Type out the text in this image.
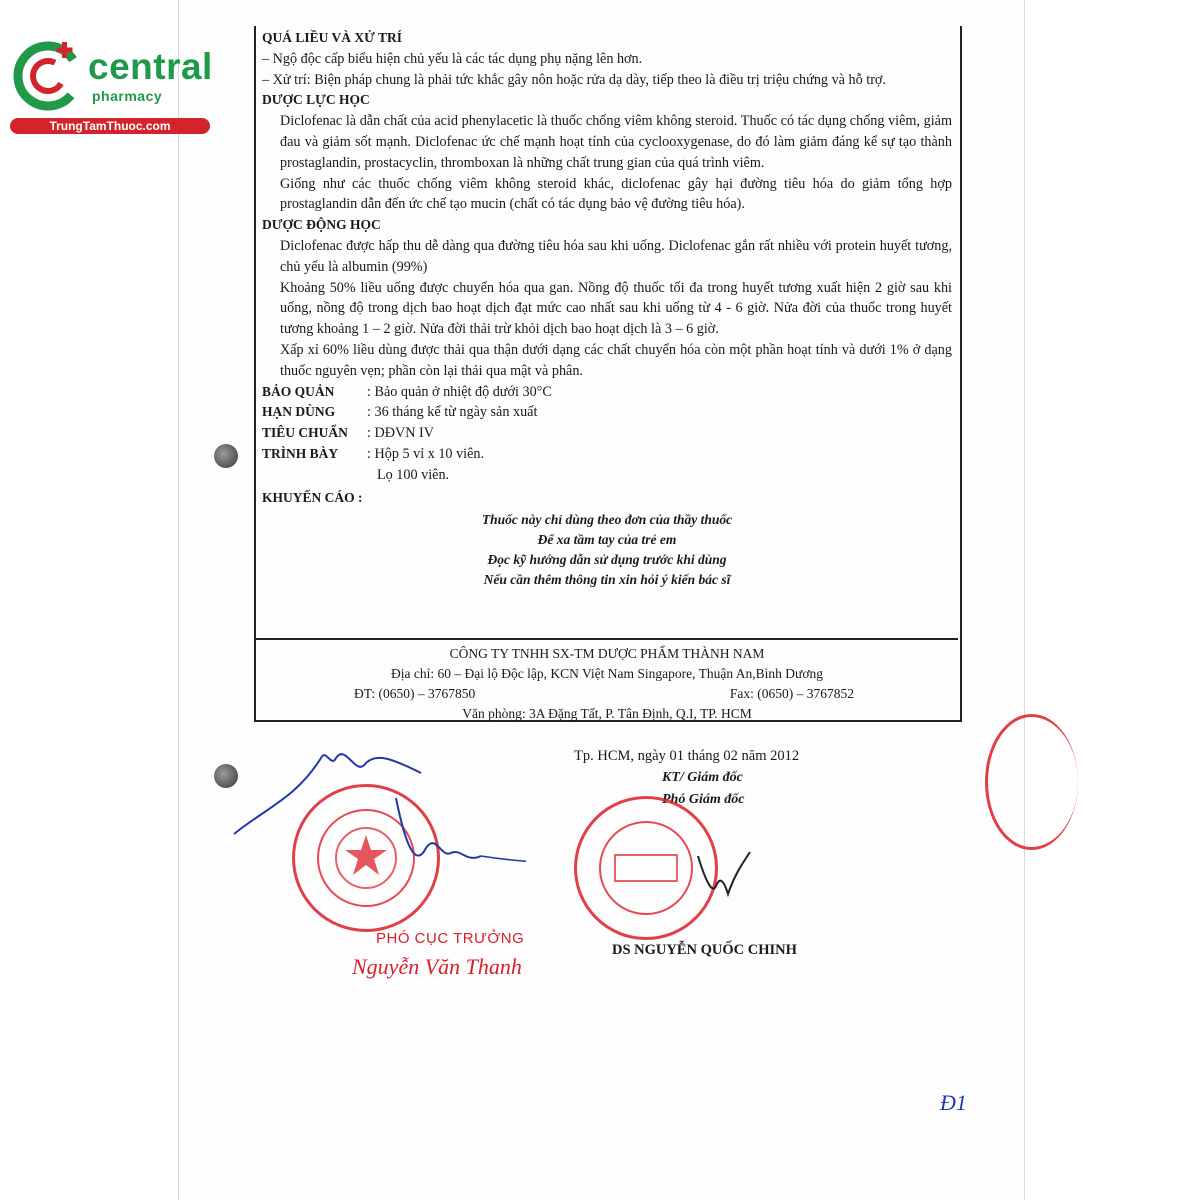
central
pharmacy
TrungTamThuoc.com
QUÁ LIỀU VÀ XỬ TRÍ

– Ngộ độc cấp biểu hiện chủ yếu là các tác dụng phụ nặng lên hơn.

– Xử trí: Biện pháp chung là phải tức khắc gây nôn hoặc rửa dạ dày, tiếp theo là điều trị triệu chứng và hỗ trợ.

DƯỢC LỰC HỌC

Diclofenac là dẫn chất của acid phenylacetic là thuốc chống viêm không steroid. Thuốc có tác dụng chống viêm, giảm đau và giảm sốt mạnh. Diclofenac ức chế mạnh hoạt tính của cyclooxygenase, do đó làm giảm đáng kể sự tạo thành prostaglandin, prostacyclin, thromboxan là những chất trung gian của quá trình viêm.

Giống như các thuốc chống viêm không steroid khác, diclofenac gây hại đường tiêu hóa do giảm tổng hợp prostaglandin dẫn đến ức chế tạo mucin (chất có tác dụng bảo vệ đường tiêu hóa).

DƯỢC ĐỘNG HỌC

Diclofenac được hấp thu dễ dàng qua đường tiêu hóa sau khi uống. Diclofenac gắn rất nhiều với protein huyết tương, chủ yếu là albumin (99%)

Khoảng 50% liều uống được chuyển hóa qua gan. Nồng độ thuốc tối đa trong huyết tương xuất hiện 2 giờ sau khi uống, nồng độ trong dịch bao hoạt dịch đạt mức cao nhất sau khi uống từ 4 - 6 giờ. Nửa đời của thuốc trong huyết tương khoảng 1 – 2 giờ. Nửa đời thải trừ khỏi dịch bao hoạt dịch là 3 – 6 giờ.

Xấp xỉ 60% liều dùng được thải qua thận dưới dạng các chất chuyển hóa còn một phần hoạt tính và dưới 1% ở dạng thuốc nguyên vẹn; phần còn lại thải qua mật và phân.

BẢO QUẢN	: Bảo quản ở nhiệt độ dưới 30°C
HẠN DÙNG	: 36 tháng kể từ ngày sản xuất
TIÊU CHUẨN	: DĐVN IV
TRÌNH BÀY	: Hộp 5 vỉ x 10 viên.
Lọ 100 viên.
KHUYẾN CÁO :
Thuốc này chỉ dùng theo đơn của thầy thuốc
Để xa tầm tay của trẻ em
Đọc kỹ hướng dẫn sử dụng trước khi dùng
Nếu cần thêm thông tin xin hỏi ý kiến bác sĩ
CÔNG TY TNHH SX-TM DƯỢC PHẨM THÀNH NAM
Địa chỉ: 60 – Đại lộ Độc lập, KCN Việt Nam Singapore, Thuận An,Bình Dương
ĐT: (0650) – 3767850	Fax: (0650) – 3767852
Văn phòng: 3A Đặng Tất, P. Tân Định, Q.I, TP. HCM
Tp. HCM, ngày 01 tháng 02 năm 2012
KT/ Giám đốc
Phó Giám đốc
DS NGUYỄN QUỐC CHINH
PHÓ CỤC TRƯỞNG
Nguyễn Văn Thanh
Đ1
